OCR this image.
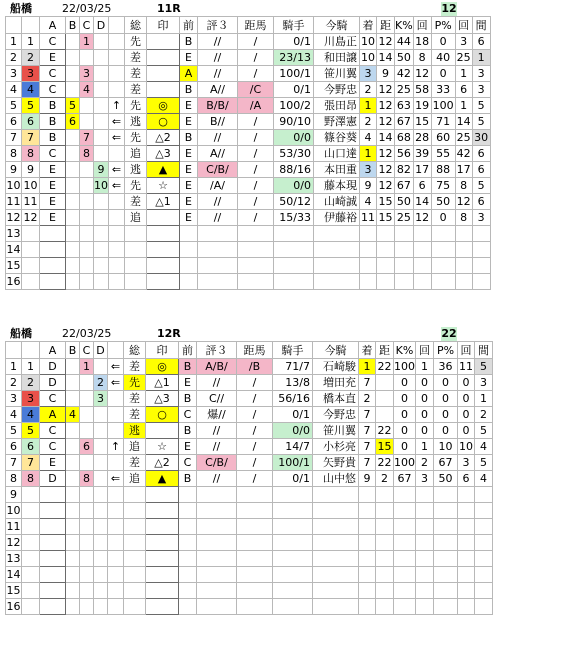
船橋	22/03/25	11R	12
		A	B	C	D		総	印	前	評３	距馬	騎手	今騎	着	距	K%	回	P%	回	間
1	1	C		1			先		B	//	/	0/1	川島正	10	12	44	18	0	3	6
2	2	E					差		E	//	/	23/13	和田譲	10	14	50	8	40	25	1
3	3	C		3			差		A	//	/	100/1	笹川翼	3	9	42	12	0	1	3
4	4	C		4			差		B	A//	/C	0/1	今野忠	2	12	25	58	33	6	3
5	5	B	5			↑	先	◎	E	B/B/	/A	100/2	張田昂	1	12	63	19	100	1	5
6	6	B	6			⇐	逃	○	E	B//	/	90/10	野澤憲	2	12	67	15	71	14	5
7	7	B		7		⇐	先	△2	B	//	/	0/0	篠谷葵	4	14	68	28	60	25	30
8	8	C		8			追	△3	E	A//	/	53/30	山口達	1	12	56	39	55	42	6
9	9	E			9	⇐	逃	▲	E	C/B/	/	88/16	本田重	3	12	82	17	88	17	6
10	10	E			10	⇐	先	☆	E	/A/	/	0/0	藤本現	9	12	67	6	75	8	5
11	11	E					差	△1	E	//	/	50/12	山崎誠	4	15	50	14	50	12	6
12	12	E					追		E	//	/	15/33	伊藤裕	11	15	25	12	0	8	3
13																				
14																				
15																				
16																				
船橋	22/03/25	12R	22
		A	B	C	D		総	印	前	評３	距馬	騎手	今騎	着	距	K%	回	P%	回	間
1	1	D		1		⇐	差	◎	B	A/B/	/B	71/7	石崎駿	1	22	100	1	36	11	5
2	2	D			2	⇐	先	△1	E	//	/	13/8	増田充	7		0	0	0	0	3
3	3	C			3		差	△3	B	C//	/	56/16	橋本直	2		0	0	0	0	1
4	4	A	4				差	○	C	爆//	/	0/1	今野忠	7		0	0	0	0	2
5	5	C					逃		B	//	/	0/0	笹川翼	7	22	0	0	0	0	5
6	6	C		6		↑	追	☆	E	//	/	14/7	小杉亮	7	15	0	1	10	10	4
7	7	E					差	△2	C	C/B/	/	100/1	矢野貴	7	22	100	2	67	3	5
8	8	D		8		⇐	追	▲	B	//	/	0/1	山中悠	9	2	67	3	50	6	4
9																				
10																				
11																				
12																				
13																				
14																				
15																				
16																				
